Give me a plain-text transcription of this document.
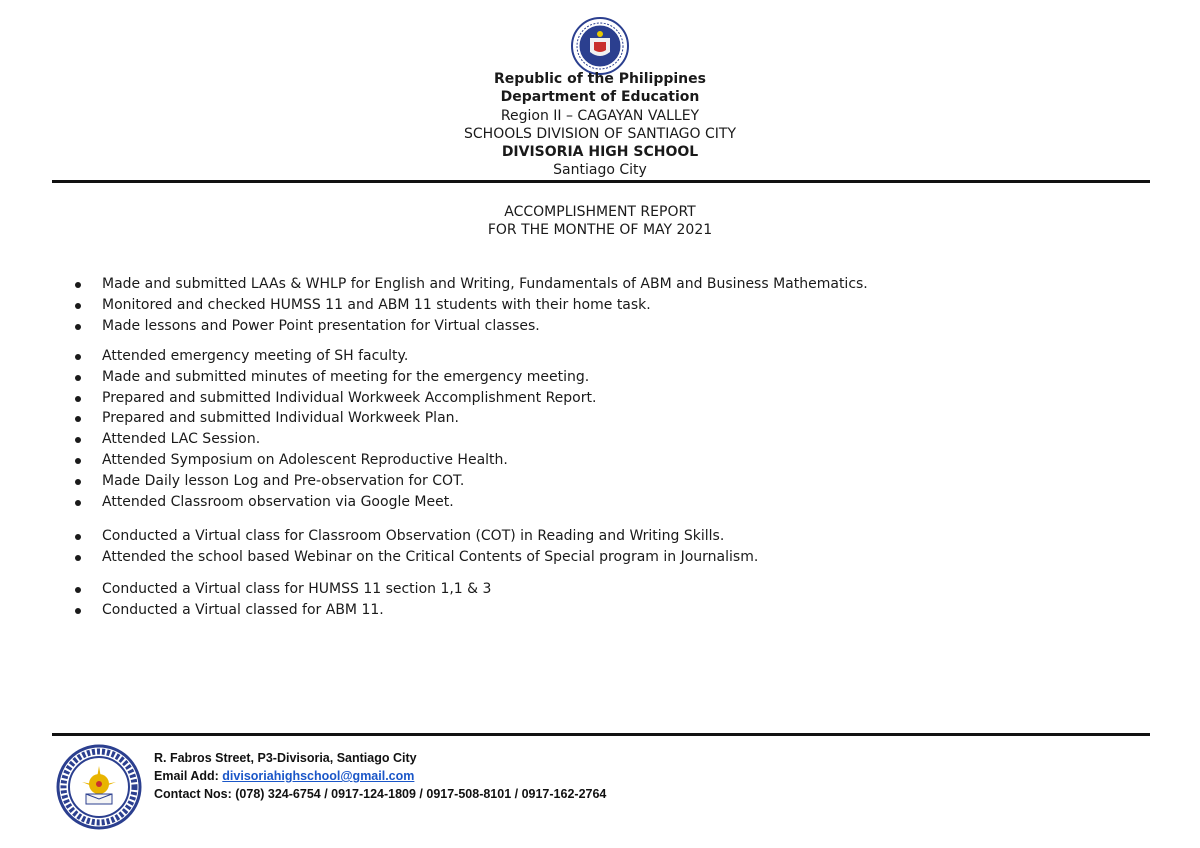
Republic of the Philippines
Department of Education
Region II – CAGAYAN VALLEY
SCHOOLS DIVISION OF SANTIAGO CITY
DIVISORIA HIGH SCHOOL
Santiago City
ACCOMPLISHMENT REPORT
FOR THE MONTHE OF MAY 2021
Made and submitted LAAs & WHLP for English and Writing, Fundamentals of ABM and Business Mathematics.
Monitored and checked HUMSS 11 and ABM 11 students with their home task.
Made lessons and Power Point presentation for Virtual classes.
Attended emergency meeting of SH faculty.
Made and submitted minutes of meeting for the emergency meeting.
Prepared and submitted Individual Workweek Accomplishment Report.
Prepared and submitted Individual Workweek Plan.
Attended LAC Session.
Attended Symposium on Adolescent Reproductive Health.
Made Daily lesson Log and Pre-observation for COT.
Attended Classroom observation via Google Meet.
Conducted a Virtual class for Classroom Observation (COT) in Reading and Writing Skills.
Attended the school based Webinar on the Critical Contents of Special program in Journalism.
Conducted a Virtual class for HUMSS 11 section 1,1 & 3
Conducted a Virtual classed for ABM 11.
R. Fabros Street, P3-Divisoria, Santiago City
Email Add: divisoriahighschool@gmail.com
Contact Nos: (078) 324-6754 / 0917-124-1809 / 0917-508-8101 / 0917-162-2764
